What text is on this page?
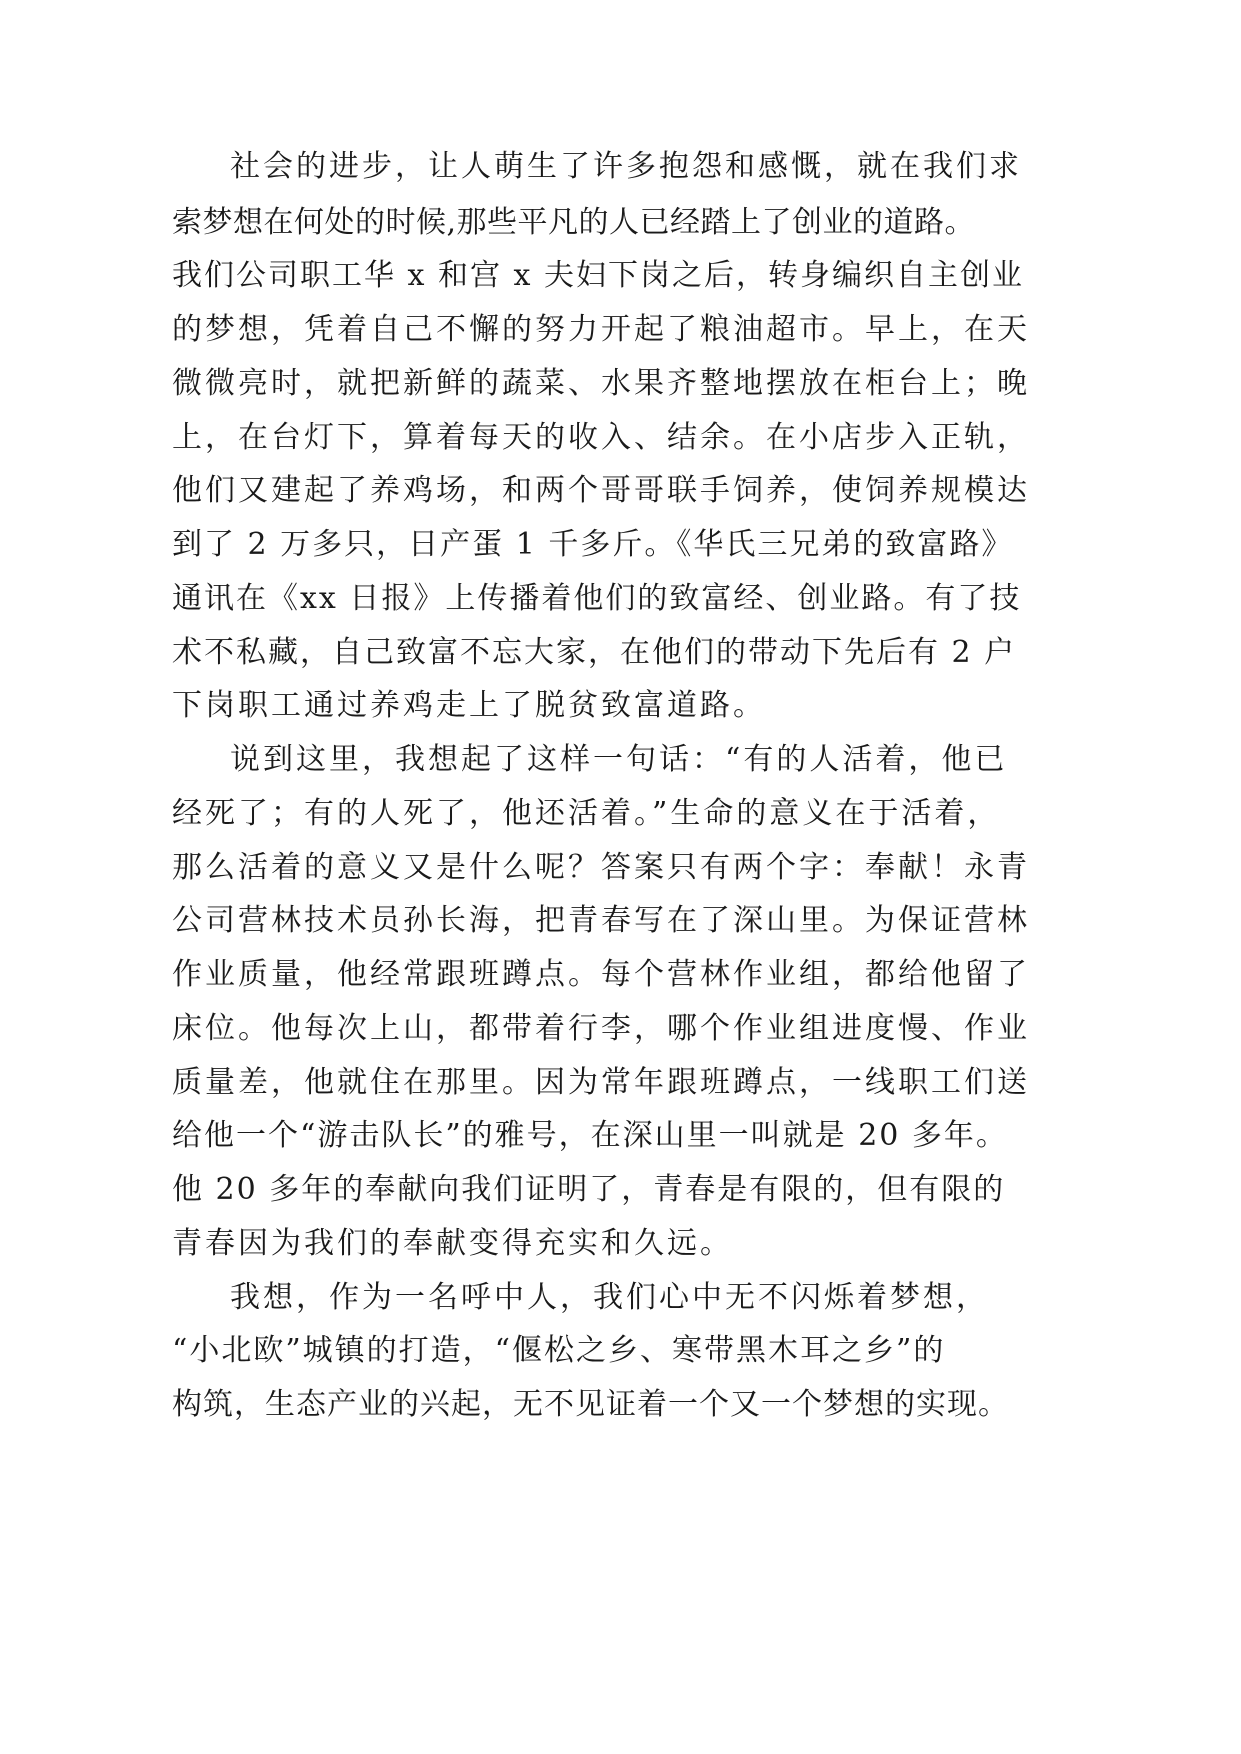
社会的进步，让人萌生了许多抱怨和感慨，就在我们求
索梦想在何处的时候,那些平凡的人已经踏上了创业的道路。
我们公司职工华 x 和宫 x 夫妇下岗之后，转身编织自主创业
的梦想，凭着自己不懈的努力开起了粮油超市。早上，在天
微微亮时，就把新鲜的蔬菜、水果齐整地摆放在柜台上；晚
上，在台灯下，算着每天的收入、结余。在小店步入正轨，
他们又建起了养鸡场，和两个哥哥联手饲养，使饲养规模达
到了 2 万多只，日产蛋 1 千多斤。《华氏三兄弟的致富路》
通讯在《xx 日报》上传播着他们的致富经、创业路。有了技
术不私藏，自己致富不忘大家，在他们的带动下先后有 2 户
下岗职工通过养鸡走上了脱贫致富道路。
说到这里，我想起了这样一句话：“有的人活着，他已
经死了；有的人死了，他还活着。”生命的意义在于活着，
那么活着的意义又是什么呢？答案只有两个字：奉献！永青
公司营林技术员孙长海，把青春写在了深山里。为保证营林
作业质量，他经常跟班蹲点。每个营林作业组，都给他留了
床位。他每次上山，都带着行李，哪个作业组进度慢、作业
质量差，他就住在那里。因为常年跟班蹲点，一线职工们送
给他一个“游击队长”的雅号，在深山里一叫就是 20 多年。
他 20 多年的奉献向我们证明了，青春是有限的，但有限的
青春因为我们的奉献变得充实和久远。
我想，作为一名呼中人，我们心中无不闪烁着梦想，
“小北欧”城镇的打造，“偃松之乡、寒带黑木耳之乡”的
构筑，生态产业的兴起，无不见证着一个又一个梦想的实现。
